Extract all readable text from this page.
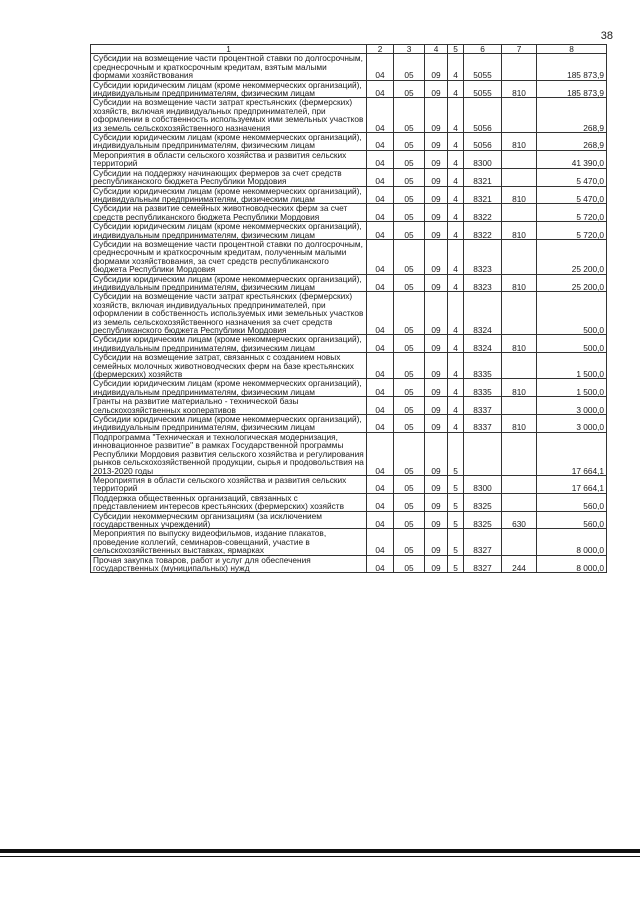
38
1	2	3	4	5	6	7	8
Субсидии на возмещение части процентной ставки по долгосрочным, среднесрочным и краткосрочным кредитам, взятым малыми формами хозяйствования	04	05	09	4	5055		185 873,9
Субсидии юридическим лицам (кроме некоммерческих организаций), индивидуальным предпринимателям, физическим лицам	04	05	09	4	5055	810	185 873,9
Субсидии на возмещение части затрат крестьянских (фермерских) хозяйств, включая индивидуальных предпринимателей, при оформлении в собственность используемых ими земельных участков из земель сельскохозяйственного назначения	04	05	09	4	5056		268,9
Субсидии юридическим лицам (кроме некоммерческих организаций), индивидуальным предпринимателям, физическим лицам	04	05	09	4	5056	810	268,9
Мероприятия в области сельского хозяйства и развития сельских территорий	04	05	09	4	8300		41 390,0
Субсидии на поддержку начинающих фермеров за счет средств республиканского бюджета Республики Мордовия	04	05	09	4	8321		5 470,0
Субсидии юридическим лицам (кроме некоммерческих организаций), индивидуальным предпринимателям, физическим лицам	04	05	09	4	8321	810	5 470,0
Субсидии на развитие семейных животноводческих ферм за счет средств республиканского бюджета Республики Мордовия	04	05	09	4	8322		5 720,0
Субсидии юридическим лицам (кроме некоммерческих организаций), индивидуальным предпринимателям, физическим лицам	04	05	09	4	8322	810	5 720,0
Субсидии на возмещение части процентной ставки по долгосрочным, среднесрочным и краткосрочным кредитам, полученным малыми формами хозяйствования, за счет средств республиканского бюджета Республики Мордовия	04	05	09	4	8323		25 200,0
Субсидии юридическим лицам (кроме некоммерческих организаций), индивидуальным предпринимателям, физическим лицам	04	05	09	4	8323	810	25 200,0
Субсидии на возмещение части затрат крестьянских (фермерских) хозяйств, включая индивидуальных предпринимателей, при оформлении в собственность используемых ими земельных участков из земель сельскохозяйственного назначения за счет средств республиканского бюджета Республики Мордовия	04	05	09	4	8324		500,0
Субсидии юридическим лицам (кроме некоммерческих организаций), индивидуальным предпринимателям, физическим лицам	04	05	09	4	8324	810	500,0
Субсидии на возмещение затрат, связанных с созданием новых семейных молочных животноводческих ферм на базе крестьянских (фермерских) хозяйств	04	05	09	4	8335		1 500,0
Субсидии юридическим лицам (кроме некоммерческих организаций), индивидуальным предпринимателям, физическим лицам	04	05	09	4	8335	810	1 500,0
Гранты на развитие материально - технической базы сельскохозяйственных кооперативов	04	05	09	4	8337		3 000,0
Субсидии юридическим лицам (кроме некоммерческих организаций), индивидуальным предпринимателям, физическим лицам	04	05	09	4	8337	810	3 000,0
Подпрограмма "Техническая и технологическая модернизация, инновационное развитие" в рамках Государственной программы Республики Мордовия развития сельского хозяйства и регулирования рынков сельскохозяйственной продукции, сырья и продовольствия на 2013-2020 годы	04	05	09	5			17 664,1
Мероприятия в области сельского хозяйства и развития сельских территорий	04	05	09	5	8300		17 664,1
Поддержка общественных организаций, связанных с представлением интересов крестьянских (фермерских) хозяйств	04	05	09	5	8325		560,0
Субсидии некоммерческим организациям (за исключением государственных учреждений)	04	05	09	5	8325	630	560,0
Мероприятия по выпуску видеофильмов, издание плакатов, проведение коллегий, семинаров-совещаний, участие в сельскохозяйственных выставках, ярмарках	04	05	09	5	8327		8 000,0
Прочая закупка товаров, работ и услуг для обеспечения государственных (муниципальных) нужд	04	05	09	5	8327	244	8 000,0
